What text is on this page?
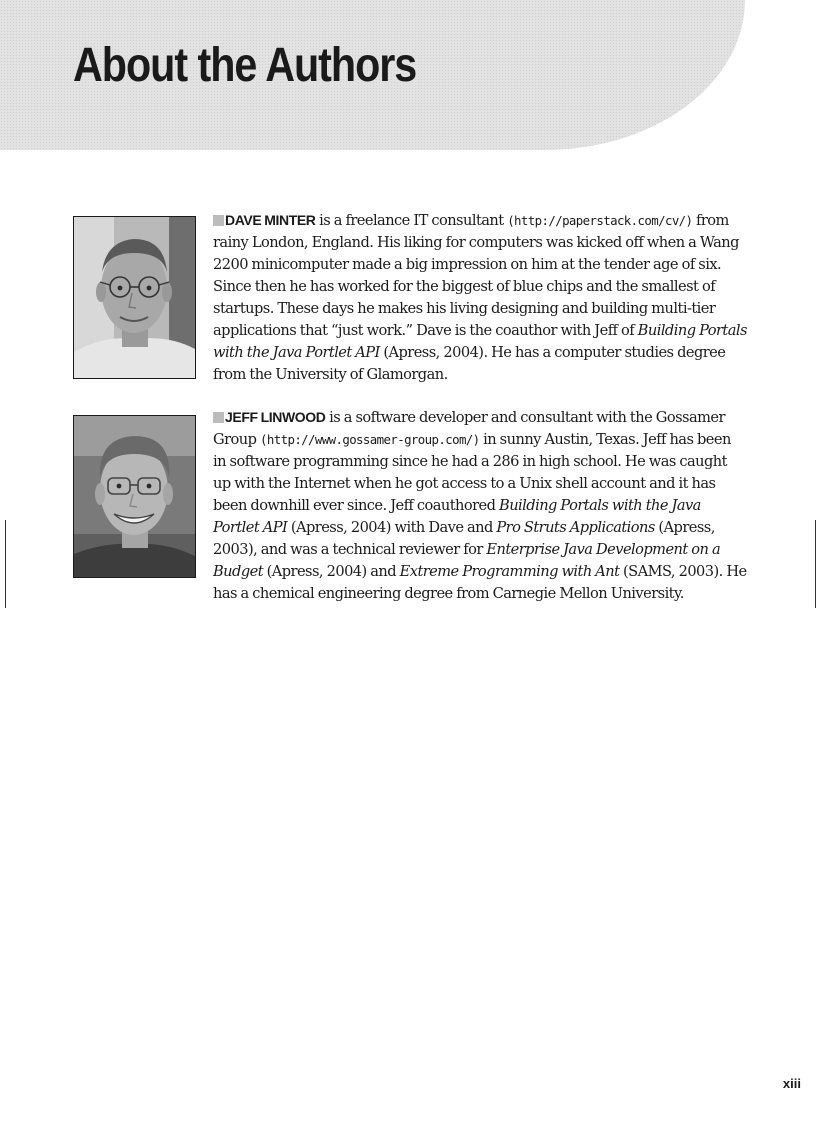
About the Authors

DAVE MINTER is a freelance IT consultant (http://paperstack.com/cv/) from rainy London, England. His liking for computers was kicked off when a Wang 2200 minicomputer made a big impression on him at the tender age of six. Since then he has worked for the biggest of blue chips and the smallest of startups. These days he makes his living designing and building multi-tier applications that “just work.” Dave is the coauthor with Jeff of Building Portals with the Java Portlet API (Apress, 2004). He has a computer studies degree from the University of Glamorgan.

JEFF LINWOOD is a software developer and consultant with the Gossamer Group (http://www.gossamer-group.com/) in sunny Austin, Texas. Jeff has been in software programming since he had a 286 in high school. He was caught up with the Internet when he got access to a Unix shell account and it has been downhill ever since. Jeff coauthored Building Portals with the Java Portlet API (Apress, 2004) with Dave and Pro Struts Applications (Apress, 2003), and was a technical reviewer for Enterprise Java Development on a Budget (Apress, 2004) and Extreme Programming with Ant (SAMS, 2003). He has a chemical engineering degree from Carnegie Mellon University.

xiii
